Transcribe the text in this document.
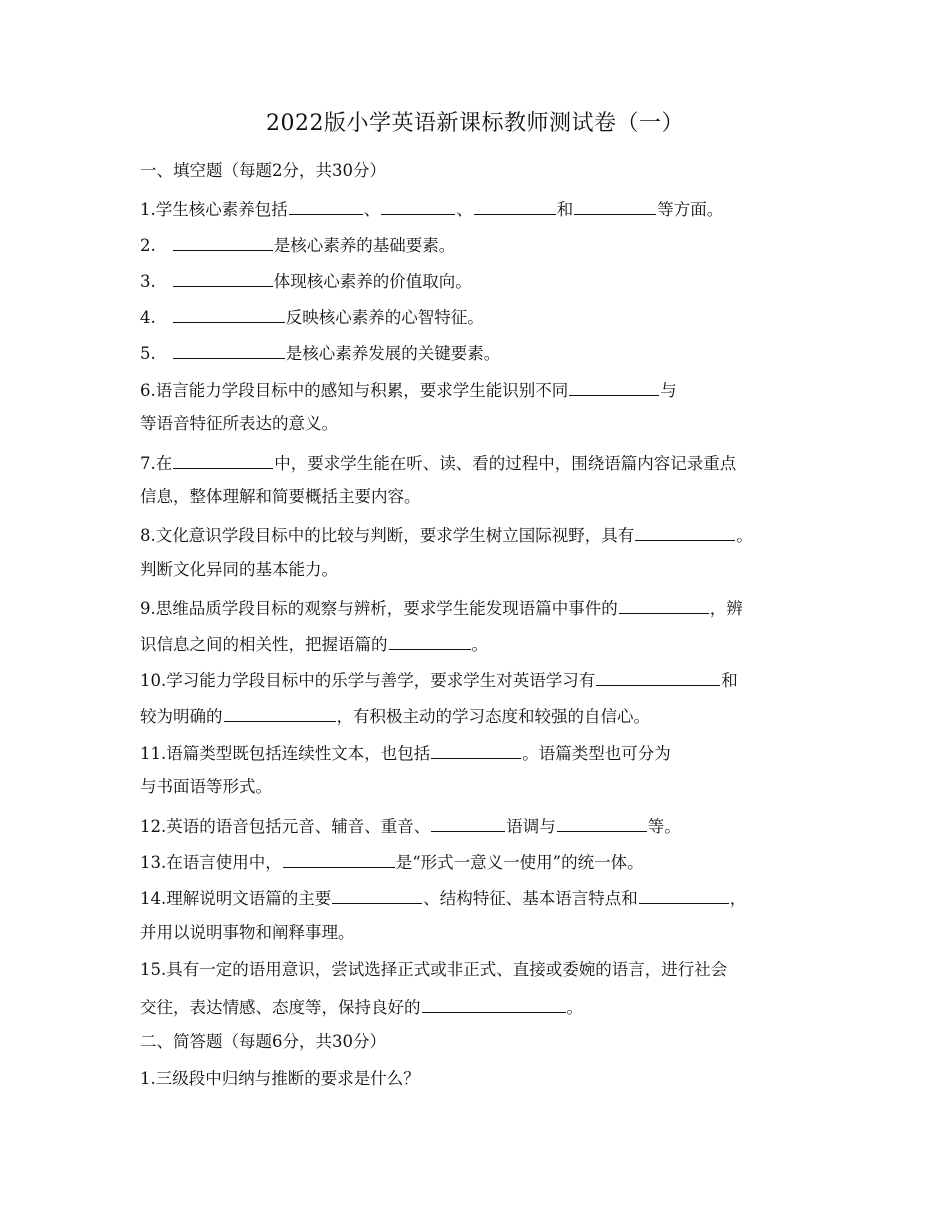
2022版小学英语新课标教师测试卷（一）
一、填空题（每题2分，共30分）
1.学生核心素养包括	、	、	和	等方面。
2.	是核心素养的基础要素。
3.	体现核心素养的价值取向。
4.	反映核心素养的心智特征。
5.	是核心素养发展的关键要素。
6.语言能力学段目标中的感知与积累，要求学生能识别不同	与
等语音特征所表达的意义。
7.在	中，要求学生能在听、读、看的过程中，围绕语篇内容记录重点
信息，整体理解和简要概括主要内容。
8.文化意识学段目标中的比较与判断，要求学生树立国际视野，具有	。
判断文化异同的基本能力。
9.思维品质学段目标的观察与辨析，要求学生能发现语篇中事件的	，辨
识信息之间的相关性，把握语篇的	。
10.学习能力学段目标中的乐学与善学，要求学生对英语学习有	和
较为明确的	，有积极主动的学习态度和较强的自信心。
11.语篇类型既包括连续性文本，也包括	。语篇类型也可分为
与书面语等形式。
12.英语的语音包括元音、辅音、重音、	语调与	等。
13.在语言使用中，	是“形式一意义一使用”的统一体。
14.理解说明文语篇的主要	、结构特征、基本语言特点和	，
并用以说明事物和阐释事理。
15.具有一定的语用意识，尝试选择正式或非正式、直接或委婉的语言，进行社会
交往，表达情感、态度等，保持良好的	。
二、简答题（每题6分，共30分）
1.三级段中归纳与推断的要求是什么？
